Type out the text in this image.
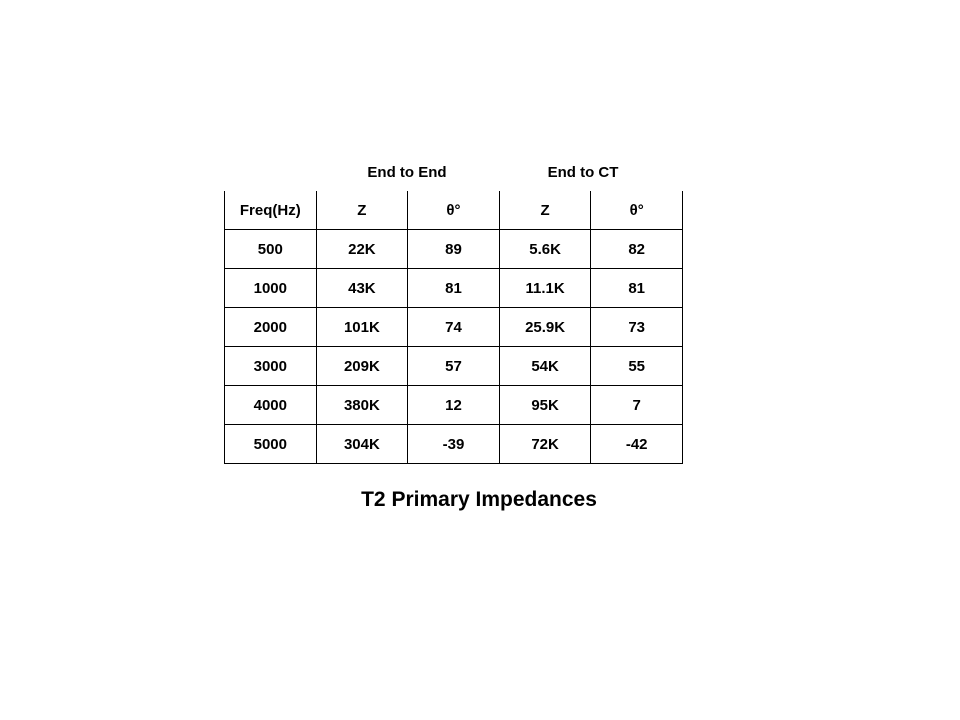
End to End	End to CT
Freq(Hz)	Z	θ°	Z	θ°
500	22K	89	5.6K	82
1000	43K	81	11.1K	81
2000	101K	74	25.9K	73
3000	209K	57	54K	55
4000	380K	12	95K	7
5000	304K	-39	72K	-42
T2 Primary Impedances
